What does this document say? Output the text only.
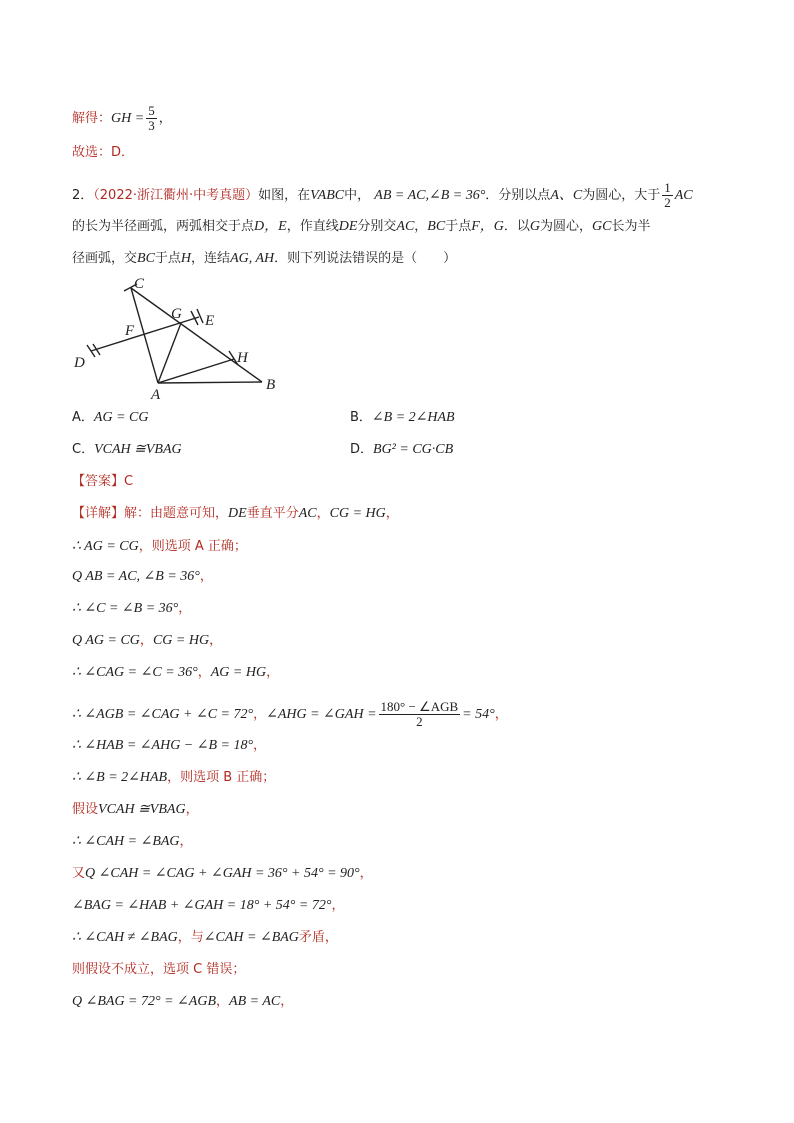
解得：GH = $\frac{5}{3}$ ，
故选：D．
2．（2022·浙江衢州·中考真题）如图，在VABC中， AB = AC,∠B = 36°．分别以点A、C为圆心，大于 $\frac{1}{2}$ AC
的长为半径画弧，两弧相交于点D，E，作直线DE分别交AC，BC于点F，G．以G为圆心，GC长为半
径画弧，交BC于点H，连结AG, AH．则下列说法错误的是（　　）
C
G E
F
H
D
A
B
A．AG = CG	B．∠B = 2∠HAB
C．VCAH ≅VBAG	D．BG² = CG·CB
【答案】C
【详解】解：由题意可知，DE垂直平分AC，CG = HG，
∴ AG = CG，则选项 A 正确；
Q AB = AC, ∠B = 36°，
∴ ∠C = ∠B = 36°，
Q AG = CG，CG = HG，
∴ ∠CAG = ∠C = 36°，AG = HG，
∴ ∠AGB = ∠CAG + ∠C = 72°，∠AHG = ∠GAH = $\frac{\text{180° − ∠AGB}}{2} = 54^\circ$，
∴ ∠HAB = ∠AHG − ∠B = 18°，
∴ ∠B = 2∠HAB，则选项 B 正确；
假设VCAH ≅VBAG，
∴ ∠CAH = ∠BAG，
又Q ∠CAH = ∠CAG + ∠GAH = 36° + 54° = 90°，
∠BAG = ∠HAB + ∠GAH = 18° + 54° = 72°，
∴ ∠CAH ≠ ∠BAG，与∠CAH = ∠BAG矛盾，
则假设不成立，选项 C 错误；
Q ∠BAG = 72° = ∠AGB，AB = AC，
